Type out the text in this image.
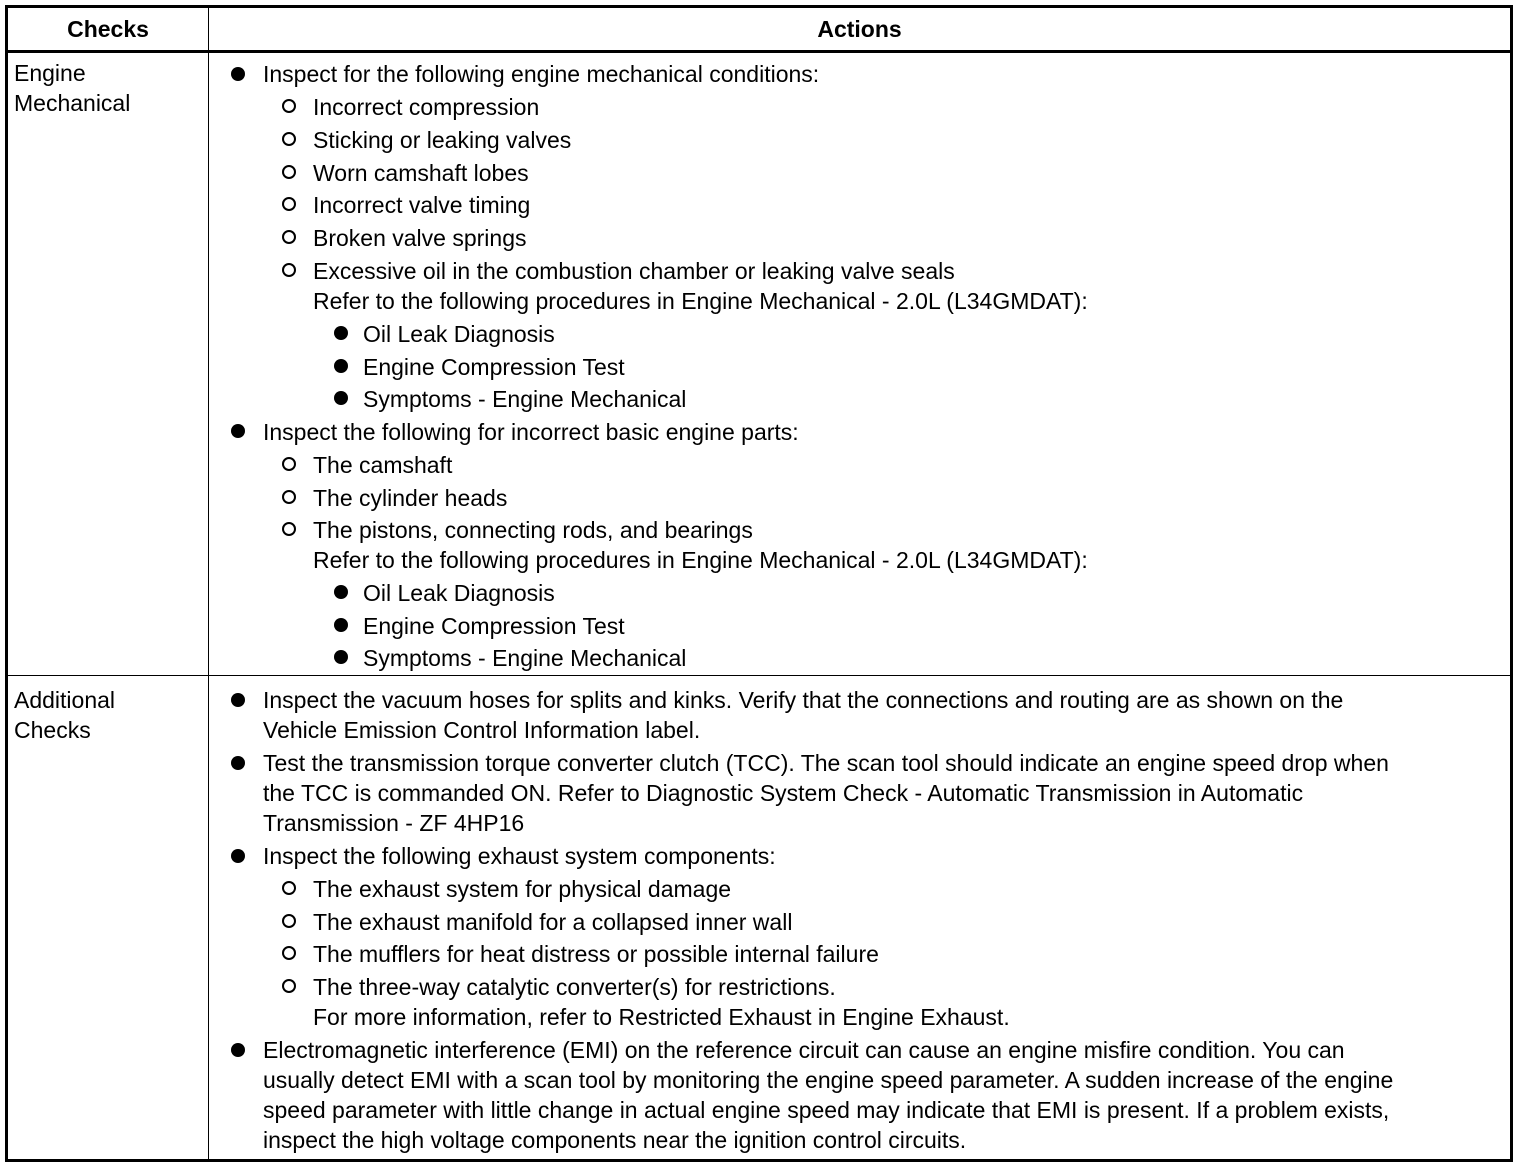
Checks	Actions
Engine
Mechanical
Inspect for the following engine mechanical conditions:
Incorrect compression
Sticking or leaking valves
Worn camshaft lobes
Incorrect valve timing
Broken valve springs
Excessive oil in the combustion chamber or leaking valve seals
Refer to the following procedures in Engine Mechanical - 2.0L (L34GMDAT):
Oil Leak Diagnosis
Engine Compression Test
Symptoms - Engine Mechanical
Inspect the following for incorrect basic engine parts:
The camshaft
The cylinder heads
The pistons, connecting rods, and bearings
Refer to the following procedures in Engine Mechanical - 2.0L (L34GMDAT):
Oil Leak Diagnosis
Engine Compression Test
Symptoms - Engine Mechanical
Additional
Checks
Inspect the vacuum hoses for splits and kinks. Verify that the connections and routing are as shown on the
Vehicle Emission Control Information label.
Test the transmission torque converter clutch (TCC). The scan tool should indicate an engine speed drop when
the TCC is commanded ON. Refer to Diagnostic System Check - Automatic Transmission in Automatic
Transmission - ZF 4HP16
Inspect the following exhaust system components:
The exhaust system for physical damage
The exhaust manifold for a collapsed inner wall
The mufflers for heat distress or possible internal failure
The three-way catalytic converter(s) for restrictions.
For more information, refer to Restricted Exhaust in Engine Exhaust.
Electromagnetic interference (EMI) on the reference circuit can cause an engine misfire condition. You can
usually detect EMI with a scan tool by monitoring the engine speed parameter. A sudden increase of the engine
speed parameter with little change in actual engine speed may indicate that EMI is present. If a problem exists,
inspect the high voltage components near the ignition control circuits.
